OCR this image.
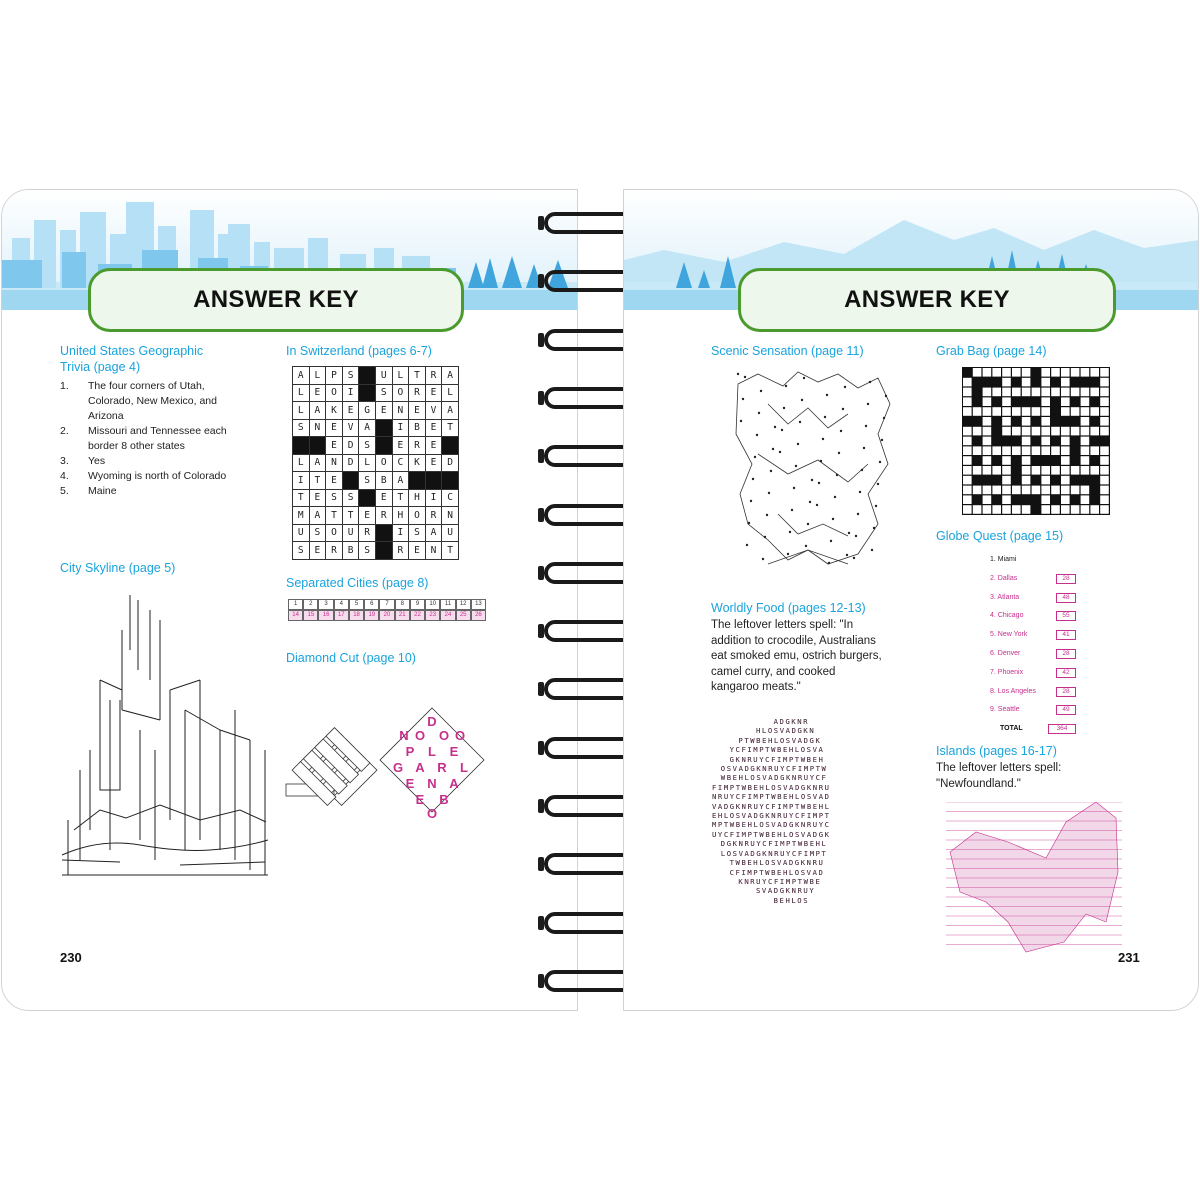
ANSWER KEY
United States Geographic
Trivia (page 4)
1. The four corners of Utah,
Colorado, New Mexico, and
Arizona
2. Missouri and Tennessee each
border 8 other states
3. Yes
4. Wyoming is north of Colorado
5. Maine
City Skyline (page 5)
In Switzerland (pages 6-7)
A	L	P	S		U	L	T	R	A
L	E	O	I		S	O	R	E	L
L	A	K	E	G	E	N	E	V	A
S	N	E	V	A		I	B	E	T
		E	D	S		E	R	E	
L	A	N	D	L	O	C	K	E	D
I	T	E		S	B	A			
T	E	S	S		E	T	H	I	C
M	A	T	T	E	R	H	O	R	N
U	S	O	U	R		I	S	A	U
S	E	R	B	S		R	E	N	T
Separated Cities (page 8)
1	2	3	4	5	6	7	8	9	10	11	12	13
14	15	16	17	18	19	20	21	22	23	24	25	26
Diamond Cut (page 10)
D
O
O
P L E
G A R L
E N A
E B
O
N	O
230
ANSWER KEY
Scenic Sensation (page 11)
Worldly Food (pages 12-13)
The leftover letters spell: "In
addition to crocodile, Australians
eat smoked emu, ostrich burgers,
camel curry, and cooked
kangaroo meats."
ADGKNR
HLOSVADGKN
PTWBEHLOSVADGK
YCFIMPTWBEHLOSVA
GKNRUYCFIMPTWBEH
OSVADGKNRUYCFIMPTW
WBEHLOSVADGKNRUYCF
FIMPTWBEHLOSVADGKNRU
NRUYCFIMPTWBEHLOSVAD
VADGKNRUYCFIMPTWBEHL
EHLOSVADGKNRUYCFIMPT
MPTWBEHLOSVADGKNRUYC
UYCFIMPTWBEHLOSVADGK
DGKNRUYCFIMPTWBEHL
LOSVADGKNRUYCFIMPT
TWBEHLOSVADGKNRU
CFIMPTWBEHLOSVAD
KNRUYCFIMPTWBE
SVADGKNRUY
BEHLOS
Grab Bag (page 14)
Globe Quest (page 15)
Islands (pages 16-17)
The leftover letters spell:
"Newfoundland."
231
1. Miami
2. Dallas	28
3. Atlanta	48
4. Chicago	55
5. New York	41
6. Denver	28
7. Phoenix	42
8. Los Angeles	28
9. Seattle	49
TOTAL	364
